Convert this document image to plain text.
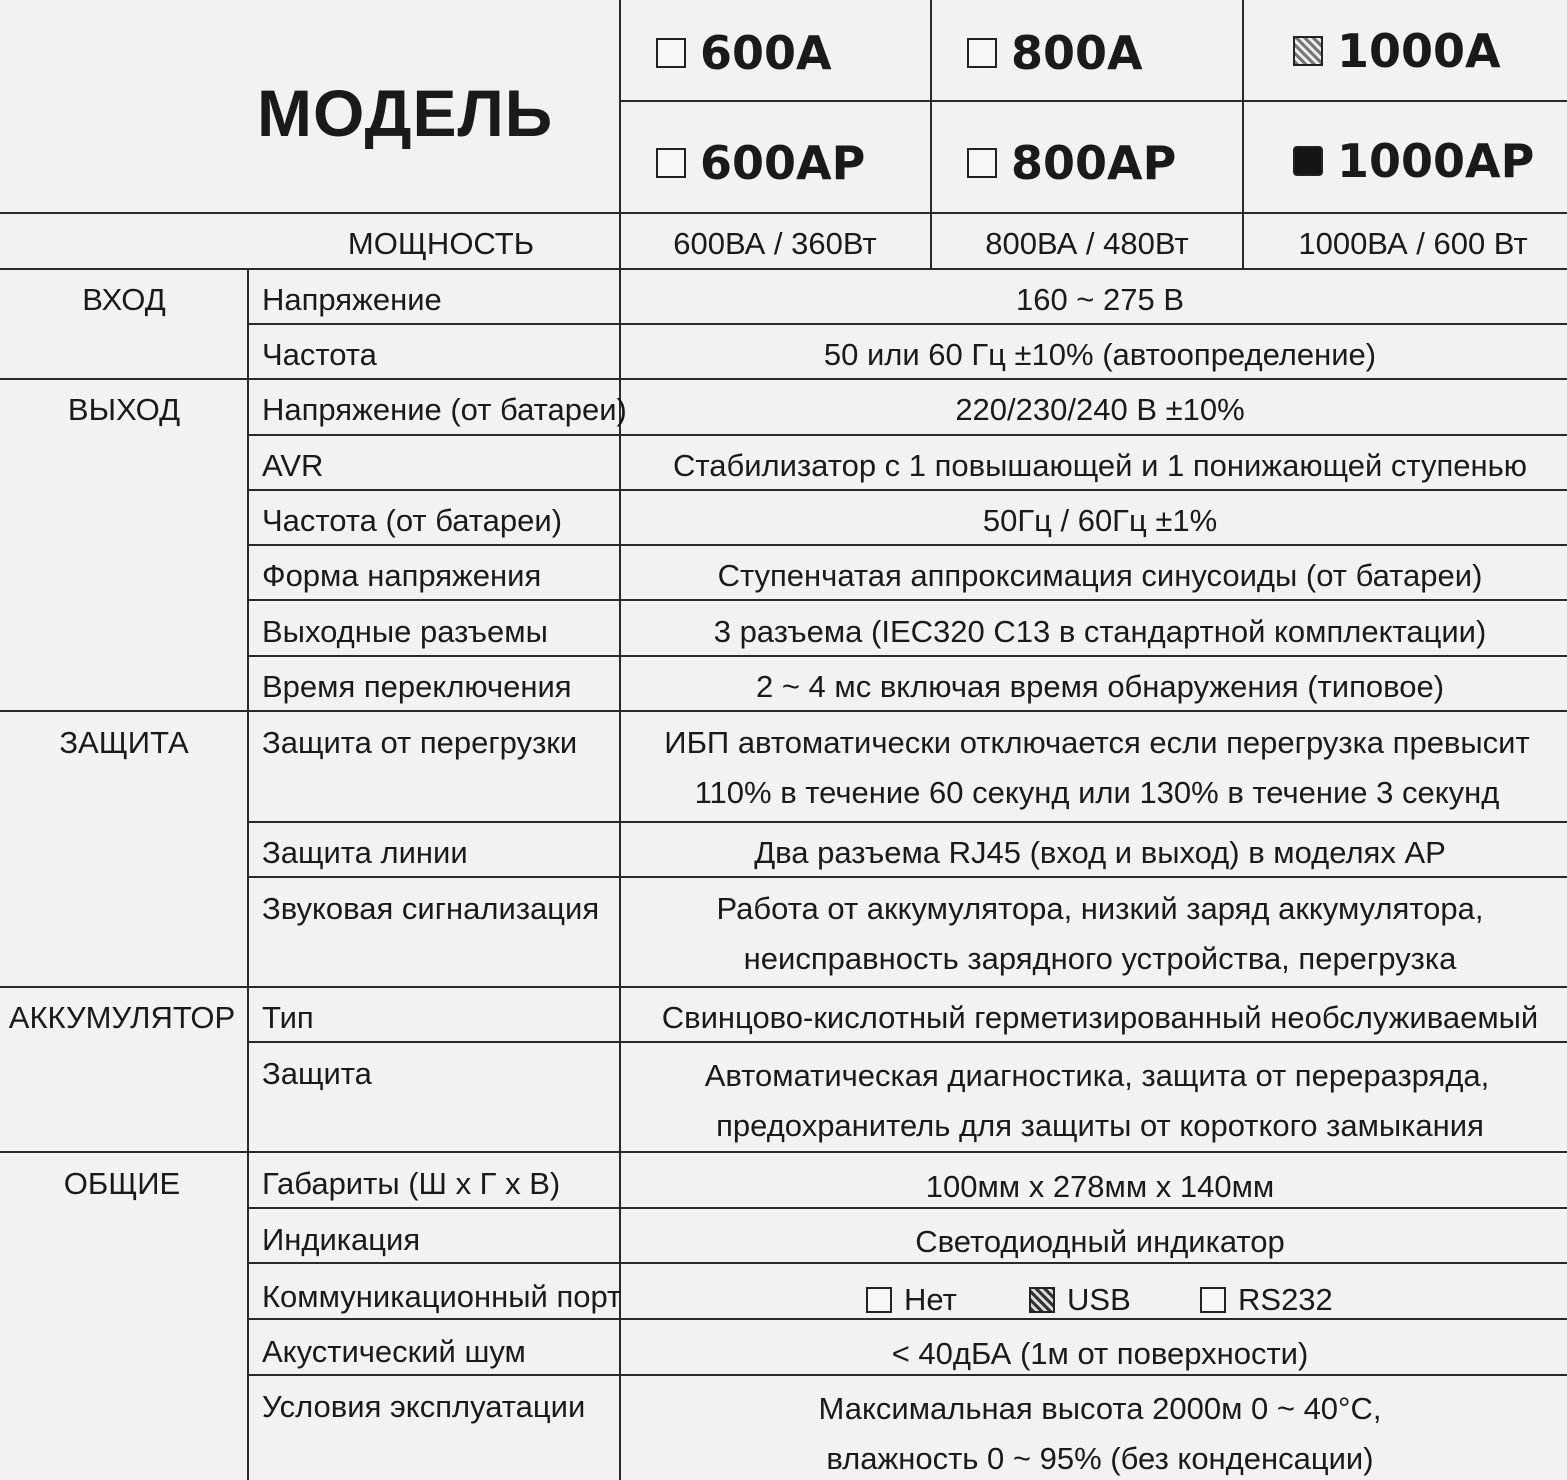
МОДЕЛЬ
600A	800A	1000A
600AP	800AP	1000AP
МОЩНОСТЬ	600ВА / 360Вт	800ВА / 480Вт	1000ВА / 600 Вт
ВХОД	Напряжение	160 ~ 275 В
Частота	50 или 60 Гц ±10% (автоопределение)
ВЫХОД	Напряжение (от батареи)	220/230/240 В ±10%
AVR	Стабилизатор с 1 повышающей и 1 понижающей ступенью
Частота (от батареи)	50Гц / 60Гц ±1%
Форма напряжения	Ступенчатая аппроксимация синусоиды (от батареи)
Выходные разъемы	3 разъема (IEC320 C13 в стандартной комплектации)
Время переключения	2 ~ 4 мс включая время обнаружения (типовое)
ЗАЩИТА Защита от перегрузки	ИБП автоматически отключается если перегрузка превысит
110% в течение 60 секунд или 130% в течение 3 секунд
Защита линии	Два разъема RJ45 (вход и выход) в моделях AP
Звуковая сигнализация	Работа от аккумулятора, низкий заряд аккумулятора,
неисправность зарядного устройства, перегрузка
АККУМУЛЯТОР Тип	Свинцово-кислотный герметизированный необслуживаемый
Защита	Автоматическая диагностика, защита от переразряда,
предохранитель для защиты от короткого замыкания
ОБЩИЕ	Габариты (Ш х Г х В)	100мм х 278мм х 140мм
Индикация	Светодиодный индикатор
Коммуникационный порт	Нет	USB	RS232
Акустический шум	< 40дБА (1м от поверхности)
Условия эксплуатации	Максимальная высота 2000м 0 ~ 40°C,
влажность 0 ~ 95% (без конденсации)
